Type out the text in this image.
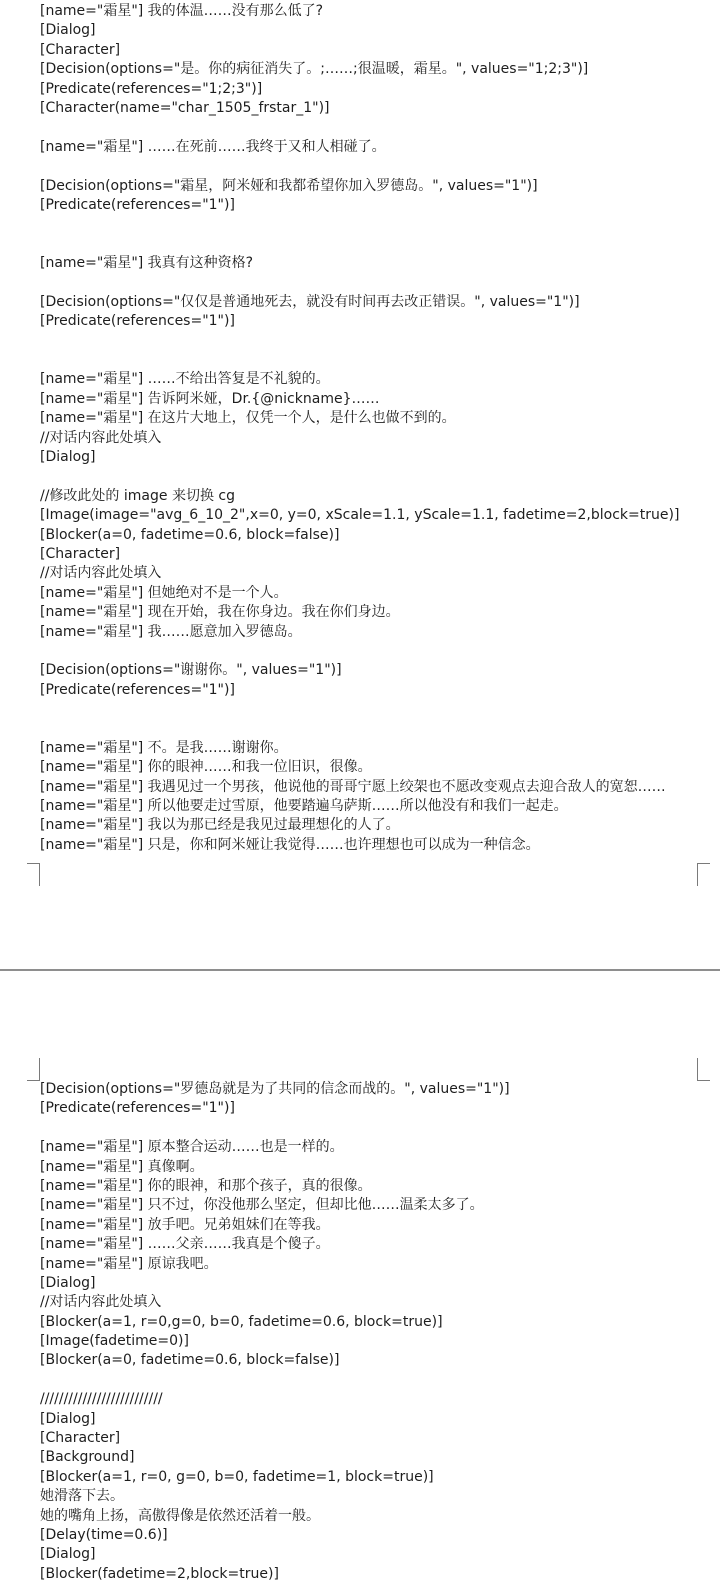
[name="霜星"] 我的体温……没有那么低了?
[Dialog]
[Character]
[Decision(options="是。你的病征消失了。;……;很温暖，霜星。", values="1;2;3")]
[Predicate(references="1;2;3")]
[Character(name="char_1505_frstar_1")]
[name="霜星"] ……在死前……我终于又和人相碰了。
[Decision(options="霜星，阿米娅和我都希望你加入罗德岛。", values="1")]
[Predicate(references="1")]
[name="霜星"] 我真有这种资格?
[Decision(options="仅仅是普通地死去，就没有时间再去改正错误。", values="1")]
[Predicate(references="1")]
[name="霜星"] ……不给出答复是不礼貌的。
[name="霜星"] 告诉阿米娅，Dr.{@nickname}……
[name="霜星"] 在这片大地上，仅凭一个人，是什么也做不到的。
//对话内容此处填入
[Dialog]
//修改此处的 image 来切换 cg
[Image(image="avg_6_10_2",x=0, y=0, xScale=1.1, yScale=1.1, fadetime=2,block=true)]
[Blocker(a=0, fadetime=0.6, block=false)]
[Character]
//对话内容此处填入
[name="霜星"] 但她绝对不是一个人。
[name="霜星"] 现在开始，我在你身边。我在你们身边。
[name="霜星"] 我……愿意加入罗德岛。
[Decision(options="谢谢你。", values="1")]
[Predicate(references="1")]
[name="霜星"] 不。是我……谢谢你。
[name="霜星"] 你的眼神……和我一位旧识，很像。
[name="霜星"] 我遇见过一个男孩，他说他的哥哥宁愿上绞架也不愿改变观点去迎合敌人的宽恕……
[name="霜星"] 所以他要走过雪原，他要踏遍乌萨斯……所以他没有和我们一起走。
[name="霜星"] 我以为那已经是我见过最理想化的人了。
[name="霜星"] 只是，你和阿米娅让我觉得……也许理想也可以成为一种信念。
[Decision(options="罗德岛就是为了共同的信念而战的。", values="1")]
[Predicate(references="1")]
[name="霜星"] 原本整合运动……也是一样的。
[name="霜星"] 真像啊。
[name="霜星"] 你的眼神，和那个孩子，真的很像。
[name="霜星"] 只不过，你没他那么坚定，但却比他……温柔太多了。
[name="霜星"] 放手吧。兄弟姐妹们在等我。
[name="霜星"] ……父亲……我真是个傻子。
[name="霜星"] 原谅我吧。
[Dialog]
//对话内容此处填入
[Blocker(a=1, r=0,g=0, b=0, fadetime=0.6, block=true)]
[Image(fadetime=0)]
[Blocker(a=0, fadetime=0.6, block=false)]
//////////////////////////
[Dialog]
[Character]
[Background]
[Blocker(a=1, r=0, g=0, b=0, fadetime=1, block=true)]
她滑落下去。
她的嘴角上扬，高傲得像是依然还活着一般。
[Delay(time=0.6)]
[Dialog]
[Blocker(fadetime=2,block=true)]
